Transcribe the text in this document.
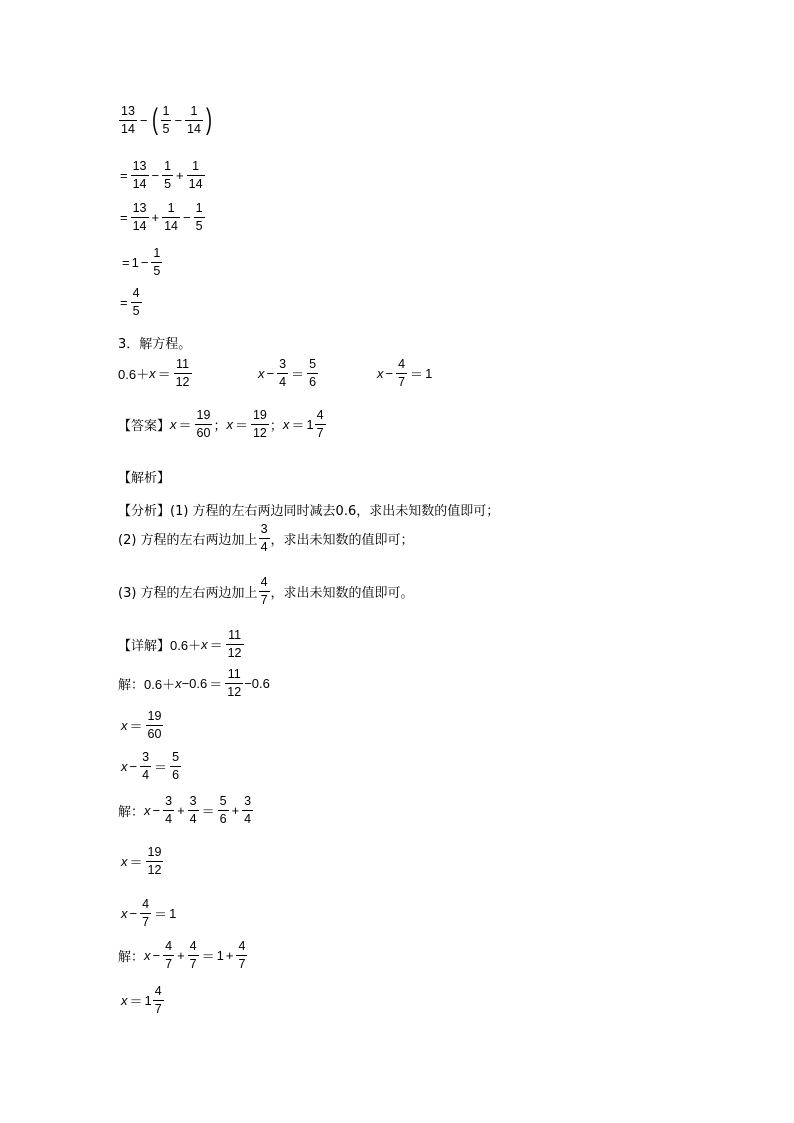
$\frac{13}{14}$ − ( $\frac{1}{5} - \frac{1}{14}$ )
= $\frac{13}{14} - \frac{1}{5} + \frac{1}{14}$
= $\frac{13}{14} + \frac{1}{14} - \frac{1}{5}$
= $1 - \frac{1}{5}$
= $\frac{4}{5}$
3．解方程。
$0.6+ x = \frac{11}{12}$	$x - \frac{3}{4} = \frac{5}{6}$	$x - \frac{4}{7} = 1$
【答案】 $x = \frac{19}{60}$ ； $x = \frac{19}{12}$ ； $x = 1 \frac{4}{7}$
【解析】
【分析】(1) 方程的左右两边同时减去0.6，求出未知数的值即可；
(2) 方程的左右两边加上 $\frac{3}{4}$ ，求出未知数的值即可；
(3) 方程的左右两边加上 $\frac{4}{7}$ ，求出未知数的值即可。
【详解】 $0.6+ x = \frac{11}{12}$
解： $0.6+ x -0.6 = \frac{11}{12} -0.6$
$x = \frac{19}{60}$
$x - \frac{3}{4} = \frac{5}{6}$
解： $x - \frac{3}{4} + \frac{3}{4} = \frac{5}{6} + \frac{3}{4}$
$x = \frac{19}{12}$
$x - \frac{4}{7} = 1$
解： $x - \frac{4}{7} + \frac{4}{7} = 1 + \frac{4}{7}$
$x = 1 \frac{4}{7}$
